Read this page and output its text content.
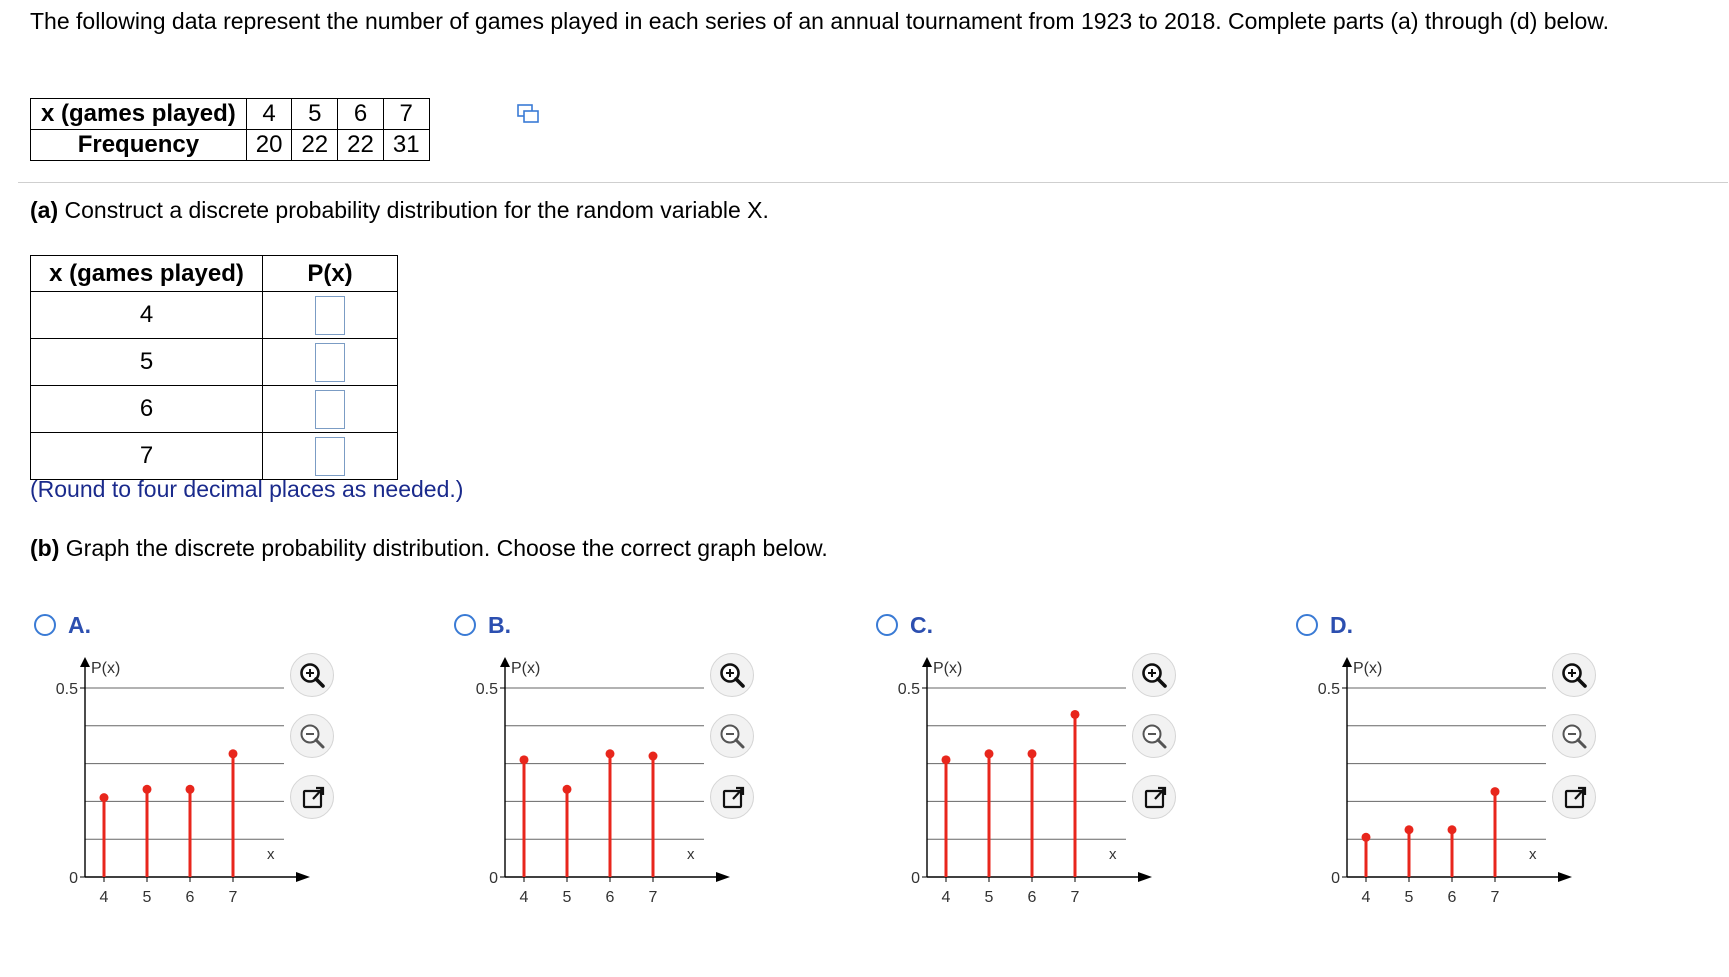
The following data represent the number of games played in each series of an annual tournament from 1923 to 2018. Complete parts (a) through (d) below.
x (games played)	4	5	6	7
Frequency	20	22	22	31
(a) Construct a discrete probability distribution for the random variable X.
x (games played)	P(x)
4	
5	
6	
7	
(Round to four decimal places as needed.)
(b) Graph the discrete probability distribution. Choose the correct graph below.
A.
0.5
0
P(x)
x
4 5 6 7
B.
0.5
0
P(x)
x
4 5 6 7
C.
0.5
0
P(x)
x
4 5 6 7
D.
0.5
0
P(x)
x
4 5 6 7
